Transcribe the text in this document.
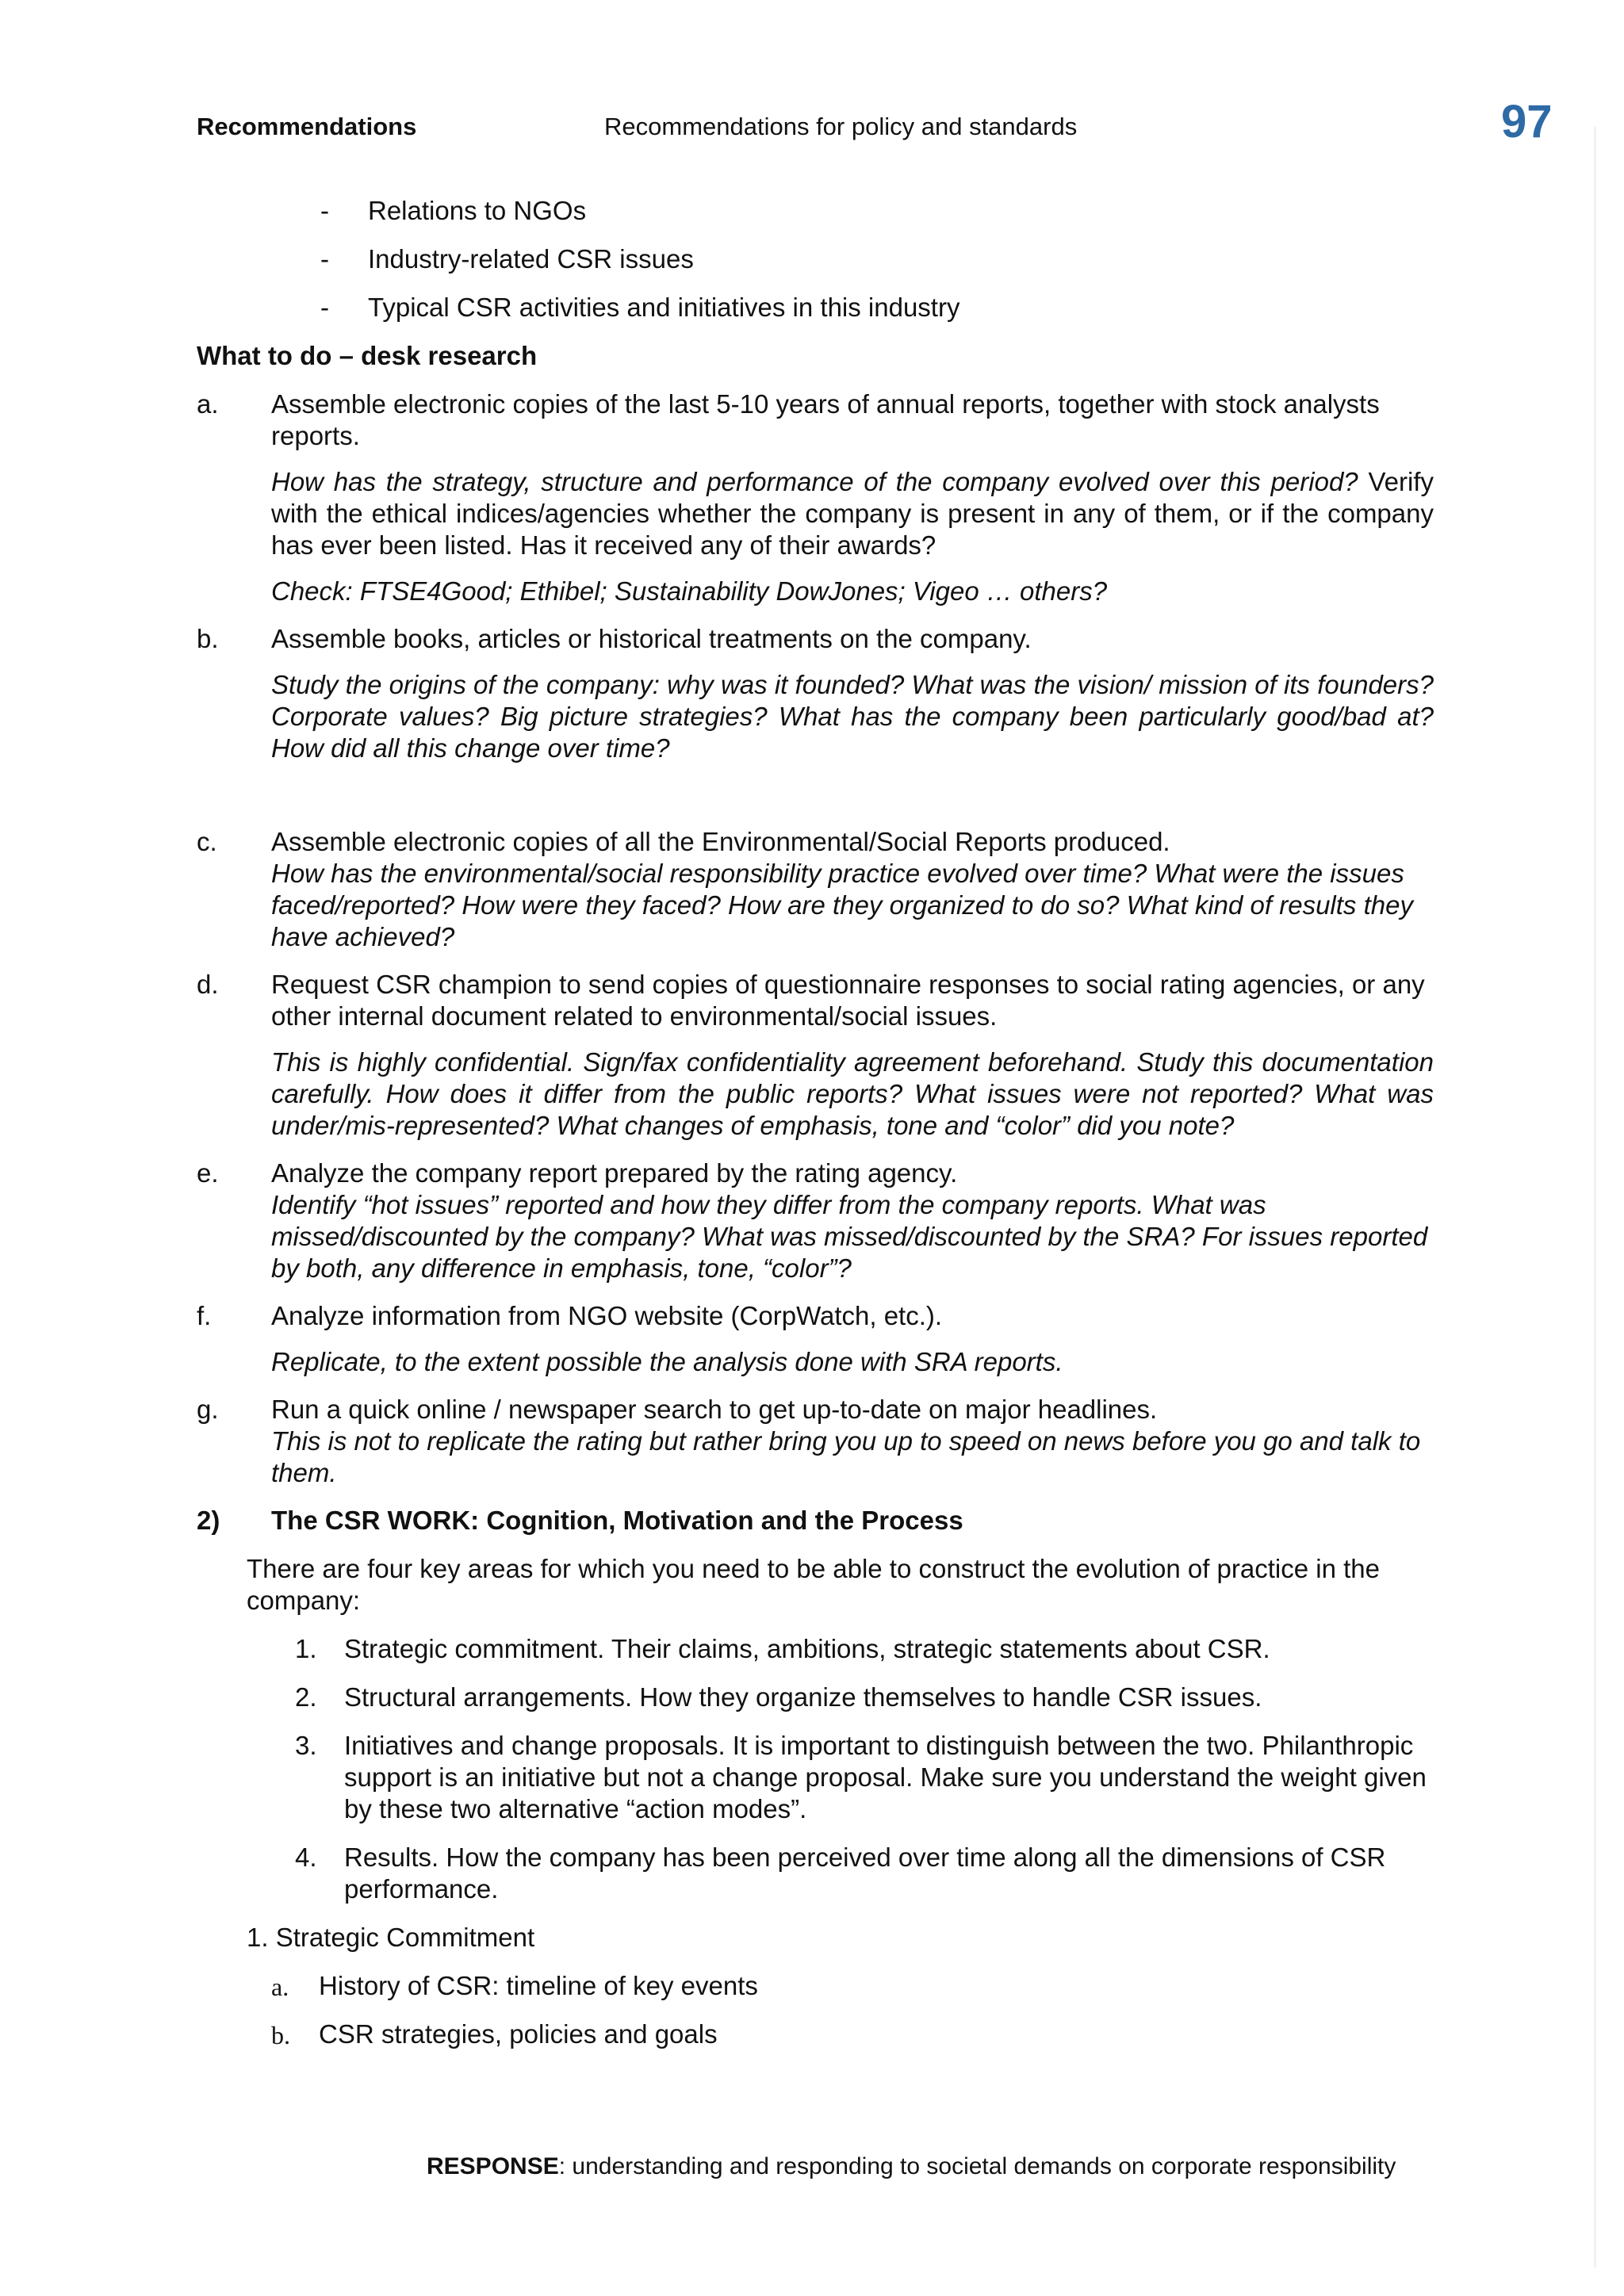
Recommendations	Recommendations for policy and standards	97
- Relations to NGOs
- Industry-related CSR issues
- Typical CSR activities and initiatives in this industry
What to do – desk research
a. Assemble electronic copies of the last 5-10 years of annual reports, together with stock analysts reports.

How has the strategy, structure and performance of the company evolved over this period? Verify with the ethical indices/agencies whether the company is present in any of them, or if the company has ever been listed. Has it received any of their awards?

Check: FTSE4Good; Ethibel; Sustainability DowJones; Vigeo … others?

b. Assemble books, articles or historical treatments on the company.

Study the origins of the company: why was it founded? What was the vision/ mission of its founders? Corporate values? Big picture strategies? What has the company been particularly good/bad at? How did all this change over time?

c. Assemble electronic copies of all the Environmental/Social Reports produced.
How has the environmental/social responsibility practice evolved over time? What were the issues faced/reported? How were they faced? How are they organized to do so? What kind of results they have achieved?
d. Request CSR champion to send copies of questionnaire responses to social rating agencies, or any other internal document related to environmental/social issues.

This is highly confidential. Sign/fax confidentiality agreement beforehand. Study this documentation carefully. How does it differ from the public reports? What issues were not reported? What was under/mis-represented? What changes of emphasis, tone and “color” did you note?

e. Analyze the company report prepared by the rating agency.
Identify “hot issues” reported and how they differ from the company reports. What was missed/discounted by the company? What was missed/discounted by the SRA? For issues reported by both, any difference in emphasis, tone, “color”?
f. Analyze information from NGO website (CorpWatch, etc.).

Replicate, to the extent possible the analysis done with SRA reports.

g. Run a quick online / newspaper search to get up-to-date on major headlines.
This is not to replicate the rating but rather bring you up to speed on news before you go and talk to them.
2) The CSR WORK: Cognition, Motivation and the Process
There are four key areas for which you need to be able to construct the evolution of practice in the company:
1. Strategic commitment. Their claims, ambitions, strategic statements about CSR.
2. Structural arrangements. How they organize themselves to handle CSR issues.
3. Initiatives and change proposals. It is important to distinguish between the two. Philanthropic support is an initiative but not a change proposal. Make sure you understand the weight given by these two alternative “action modes”.
4. Results. How the company has been perceived over time along all the dimensions of CSR performance.
1. Strategic Commitment
a. History of CSR: timeline of key events
b. CSR strategies, policies and goals
RESPONSE: understanding and responding to societal demands on corporate responsibility
